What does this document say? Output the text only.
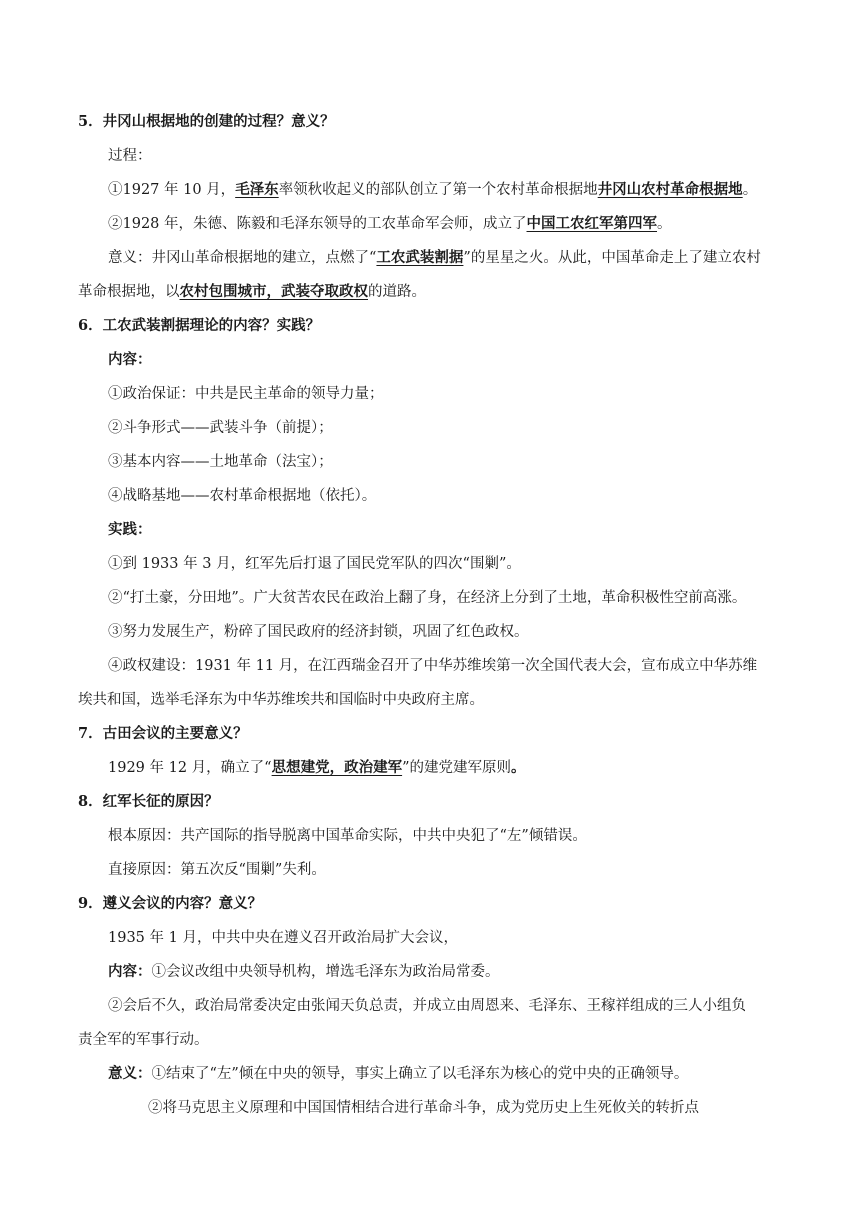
5．井冈山根据地的创建的过程？意义？
过程：
①1927 年 10 月，毛泽东率领秋收起义的部队创立了第一个农村革命根据地井冈山农村革命根据地。
②1928 年，朱德、陈毅和毛泽东领导的工农革命军会师，成立了中国工农红军第四军。
意义：井冈山革命根据地的建立，点燃了“工农武装割据”的星星之火。从此，中国革命走上了建立农村
革命根据地，以农村包围城市，武装夺取政权的道路。
6．工农武装割据理论的内容？实践？
内容：
①政治保证：中共是民主革命的领导力量；
②斗争形式——武装斗争（前提）；
③基本内容——土地革命（法宝）；
④战略基地——农村革命根据地（依托）。
实践：
①到 1933 年 3 月，红军先后打退了国民党军队的四次“围剿”。
②“打土豪，分田地”。广大贫苦农民在政治上翻了身，在经济上分到了土地，革命积极性空前高涨。
③努力发展生产，粉碎了国民政府的经济封锁，巩固了红色政权。
④政权建设：1931 年 11 月，在江西瑞金召开了中华苏维埃第一次全国代表大会，宣布成立中华苏维
埃共和国，选举毛泽东为中华苏维埃共和国临时中央政府主席。
7．古田会议的主要意义？
1929 年 12 月，确立了“思想建党，政治建军”的建党建军原则。
8．红军长征的原因？
根本原因：共产国际的指导脱离中国革命实际，中共中央犯了“左”倾错误。
直接原因：第五次反“围剿”失利。
9．遵义会议的内容？意义？
1935 年 1 月，中共中央在遵义召开政治局扩大会议，
内容：①会议改组中央领导机构，增选毛泽东为政治局常委。
②会后不久，政治局常委决定由张闻天负总责，并成立由周恩来、毛泽东、王稼祥组成的三人小组负
责全军的军事行动。
意义：①结束了“左”倾在中央的领导，事实上确立了以毛泽东为核心的党中央的正确领导。
②将马克思主义原理和中国国情相结合进行革命斗争，成为党历史上生死攸关的转折点
